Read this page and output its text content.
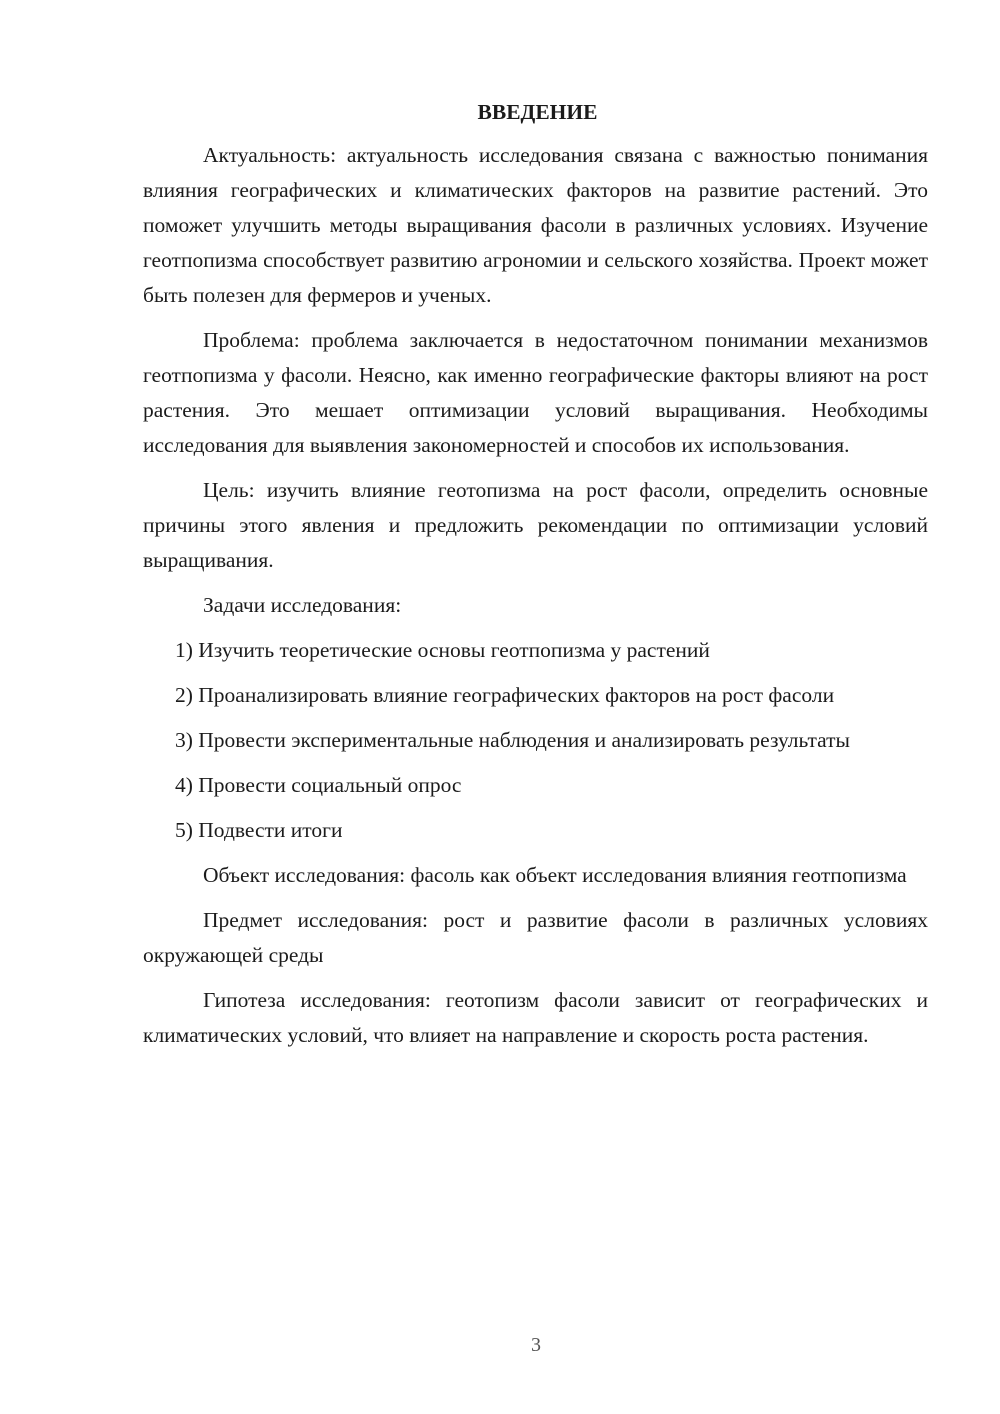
ВВЕДЕНИЕ

Актуальность: актуальность исследования связана с важностью понимания влияния географических и климатических факторов на развитие растений. Это поможет улучшить методы выращивания фасоли в различных условиях. Изучение геотпопизма способствует развитию агрономии и сельского хозяйства. Проект может быть полезен для фермеров и ученых.

Проблема: проблема заключается в недостаточном понимании механизмов геотпопизма у фасоли. Неясно, как именно географические факторы влияют на рост растения. Это мешает оптимизации условий выращивания. Необходимы исследования для выявления закономерностей и способов их использования.

Цель: изучить влияние геотопизма на рост фасоли, определить основные причины этого явления и предложить рекомендации по оптимизации условий выращивания.

Задачи исследования:

1) Изучить теоретические основы геотпопизма у растений

2) Проанализировать влияние географических факторов на рост фасоли

3) Провести экспериментальные наблюдения и анализировать результаты

4) Провести социальный опрос

5) Подвести итоги

Объект исследования: фасоль как объект исследования влияния геотпопизма

Предмет исследования: рост и развитие фасоли в различных условиях окружающей среды

Гипотеза исследования: геотопизм фасоли зависит от географических и климатических условий, что влияет на направление и скорость роста растения.

3
